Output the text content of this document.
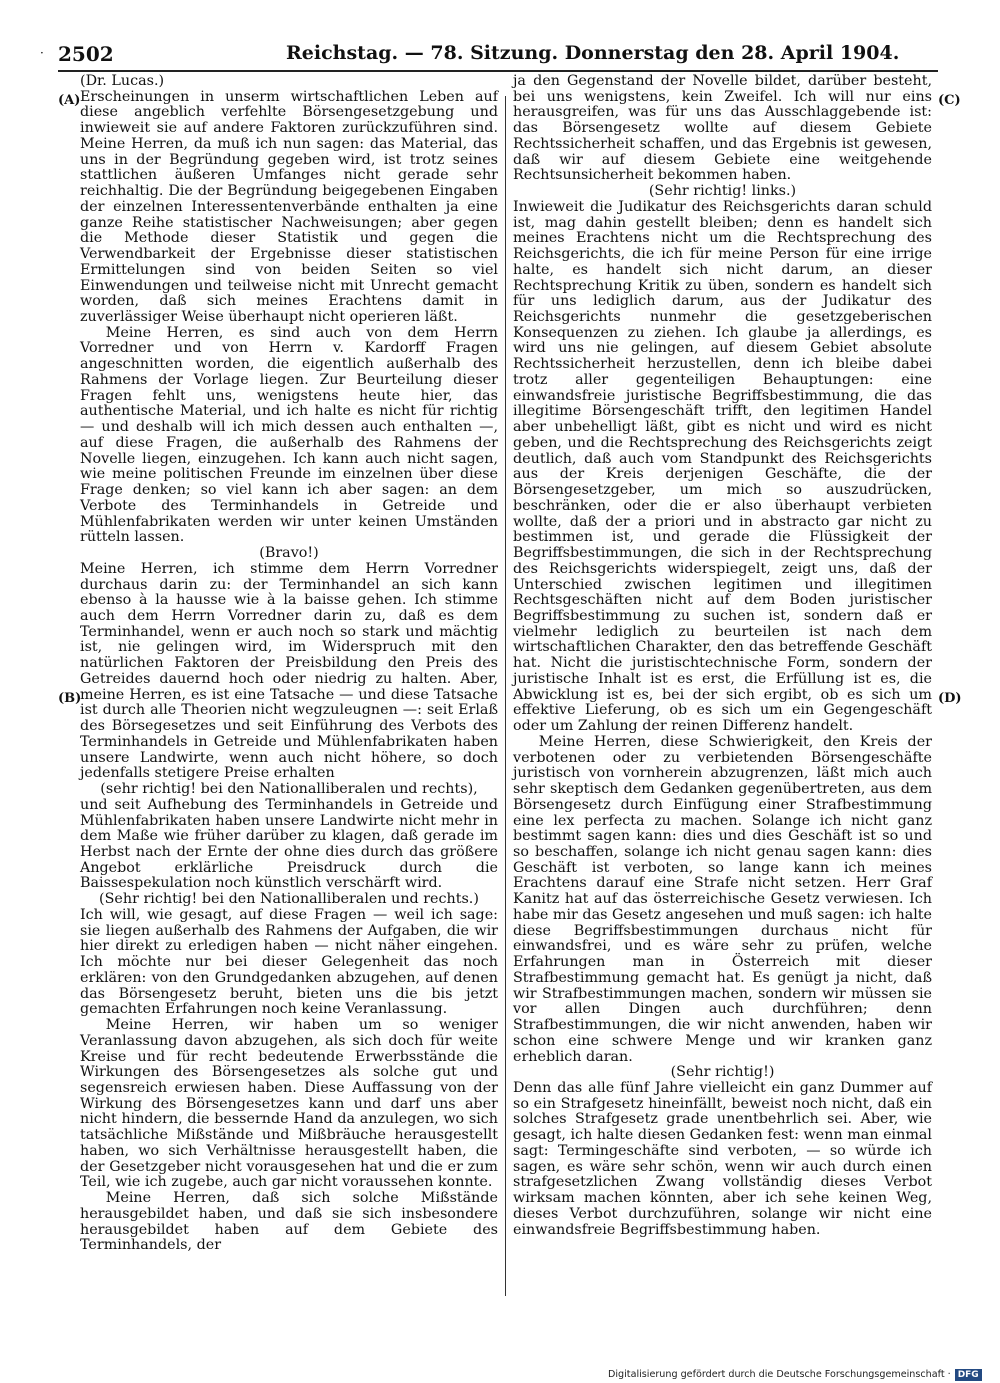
· 2502	Reichstag. — 78. Sitzung. Donnerstag den 28. April 1904.
(A)
(B)
(C)
(D)

(Dr. Lucas.)

Erscheinungen in unserm wirtschaftlichen Leben auf diese angeblich verfehlte Börsengesetzgebung und inwieweit sie auf andere Faktoren zurückzuführen sind. Meine Herren, da muß ich nun sagen: das Material, das uns in der Begründung gegeben wird, ist trotz seines stattlichen äußeren Umfanges nicht gerade sehr reichhaltig. Die der Begründung beigegebenen Eingaben der einzelnen Interessentenverbände enthalten ja eine ganze Reihe statistischer Nachweisungen; aber gegen die Methode dieser Statistik und gegen die Verwendbarkeit der Ergebnisse dieser statistischen Ermittelungen sind von beiden Seiten so viel Einwendungen und teilweise nicht mit Unrecht gemacht worden, daß sich meines Erachtens damit in zuverlässiger Weise überhaupt nicht operieren läßt.

Meine Herren, es sind auch von dem Herrn Vorredner und von Herrn v. Kardorff Fragen angeschnitten worden, die eigentlich außerhalb des Rahmens der Vorlage liegen. Zur Beurteilung dieser Fragen fehlt uns, wenigstens heute hier, das authentische Material, und ich halte es nicht für richtig — und deshalb will ich mich dessen auch enthalten —, auf diese Fragen, die außerhalb des Rahmens der Novelle liegen, einzugehen. Ich kann auch nicht sagen, wie meine politischen Freunde im einzelnen über diese Frage denken; so viel kann ich aber sagen: an dem Verbote des Terminhandels in Getreide und Mühlenfabrikaten werden wir unter keinen Umständen rütteln lassen.

(Bravo!)

Meine Herren, ich stimme dem Herrn Vorredner durchaus darin zu: der Terminhandel an sich kann ebenso à la hausse wie à la baisse gehen. Ich stimme auch dem Herrn Vorredner darin zu, daß es dem Terminhandel, wenn er auch noch so stark und mächtig ist, nie gelingen wird, im Widerspruch mit den natürlichen Faktoren der Preisbildung den Preis des Getreides dauernd hoch oder niedrig zu halten. Aber, meine Herren, es ist eine Tatsache — und diese Tatsache ist durch alle Theorien nicht wegzuleugnen —: seit Erlaß des Börsegesetzes und seit Einführung des Verbots des Terminhandels in Getreide und Mühlenfabrikaten haben unsere Landwirte, wenn auch nicht höhere, so doch jedenfalls stetigere Preise erhalten

(sehr richtig! bei den Nationalliberalen und rechts),

und seit Aufhebung des Terminhandels in Getreide und Mühlenfabrikaten haben unsere Landwirte nicht mehr in dem Maße wie früher darüber zu klagen, daß gerade im Herbst nach der Ernte der ohne dies durch das größere Angebot erklärliche Preisdruck durch die Baissespekulation noch künstlich verschärft wird.

(Sehr richtig! bei den Nationalliberalen und rechts.)

Ich will, wie gesagt, auf diese Fragen — weil ich sage: sie liegen außerhalb des Rahmens der Aufgaben, die wir hier direkt zu erledigen haben — nicht näher eingehen. Ich möchte nur bei dieser Gelegenheit das noch erklären: von den Grundgedanken abzugehen, auf denen das Börsengesetz beruht, bieten uns die bis jetzt gemachten Erfahrungen noch keine Veranlassung.

Meine Herren, wir haben um so weniger Veranlassung davon abzugehen, als sich doch für weite Kreise und für recht bedeutende Erwerbsstände die Wirkungen des Börsengesetzes als solche gut und segensreich erwiesen haben. Diese Auffassung von der Wirkung des Börsengesetzes kann und darf uns aber nicht hindern, die bessernde Hand da anzulegen, wo sich tatsächliche Mißstände und Mißbräuche herausgestellt haben, wo sich Verhältnisse herausgestellt haben, die der Gesetzgeber nicht vorausgesehen hat und die er zum Teil, wie ich zugebe, auch gar nicht voraussehen konnte.

Meine Herren, daß sich solche Mißstände herausgebildet haben, und daß sie sich insbesondere herausgebildet haben auf dem Gebiete des Terminhandels, der

ja den Gegenstand der Novelle bildet, darüber besteht, bei uns wenigstens, kein Zweifel. Ich will nur eins herausgreifen, was für uns das Ausschlaggebende ist: das Börsengesetz wollte auf diesem Gebiete Rechtssicherheit schaffen, und das Ergebnis ist gewesen, daß wir auf diesem Gebiete eine weitgehende Rechtsunsicherheit bekommen haben.

(Sehr richtig! links.)

Inwieweit die Judikatur des Reichsgerichts daran schuld ist, mag dahin gestellt bleiben; denn es handelt sich meines Erachtens nicht um die Rechtsprechung des Reichsgerichts, die ich für meine Person für eine irrige halte, es handelt sich nicht darum, an dieser Rechtsprechung Kritik zu üben, sondern es handelt sich für uns lediglich darum, aus der Judikatur des Reichsgerichts nunmehr die gesetzgeberischen Konsequenzen zu ziehen. Ich glaube ja allerdings, es wird uns nie gelingen, auf diesem Gebiet absolute Rechtssicherheit herzustellen, denn ich bleibe dabei trotz aller gegenteiligen Behauptungen: eine einwandsfreie juristische Begriffsbestimmung, die das illegitime Börsengeschäft trifft, den legitimen Handel aber unbehelligt läßt, gibt es nicht und wird es nicht geben, und die Rechtsprechung des Reichsgerichts zeigt deutlich, daß auch vom Standpunkt des Reichsgerichts aus der Kreis derjenigen Geschäfte, die der Börsengesetzgeber, um mich so auszudrücken, beschränken, oder die er also überhaupt verbieten wollte, daß der a priori und in abstracto gar nicht zu bestimmen ist, und gerade die Flüssigkeit der Begriffsbestimmungen, die sich in der Rechtsprechung des Reichsgerichts widerspiegelt, zeigt uns, daß der Unterschied zwischen legitimen und illegitimen Rechtsgeschäften nicht auf dem Boden juristischer Begriffsbestimmung zu suchen ist, sondern daß er vielmehr lediglich zu beurteilen ist nach dem wirtschaftlichen Charakter, den das betreffende Geschäft hat. Nicht die juristischtechnische Form, sondern der juristische Inhalt ist es erst, die Erfüllung ist es, die Abwicklung ist es, bei der sich ergibt, ob es sich um effektive Lieferung, ob es sich um ein Gegengeschäft oder um Zahlung der reinen Differenz handelt.

Meine Herren, diese Schwierigkeit, den Kreis der verbotenen oder zu verbietenden Börsengeschäfte juristisch von vornherein abzugrenzen, läßt mich auch sehr skeptisch dem Gedanken gegenübertreten, aus dem Börsengesetz durch Einfügung einer Strafbestimmung eine lex perfecta zu machen. Solange ich nicht ganz bestimmt sagen kann: dies und dies Geschäft ist so und so beschaffen, solange ich nicht genau sagen kann: dies Geschäft ist verboten, so lange kann ich meines Erachtens darauf eine Strafe nicht setzen. Herr Graf Kanitz hat auf das österreichische Gesetz verwiesen. Ich habe mir das Gesetz angesehen und muß sagen: ich halte diese Begriffsbestimmungen durchaus nicht für einwandsfrei, und es wäre sehr zu prüfen, welche Erfahrungen man in Österreich mit dieser Strafbestimmung gemacht hat. Es genügt ja nicht, daß wir Strafbestimmungen machen, sondern wir müssen sie vor allen Dingen auch durchführen; denn Strafbestimmungen, die wir nicht anwenden, haben wir schon eine schwere Menge und wir kranken ganz erheblich daran.

(Sehr richtig!)

Denn das alle fünf Jahre vielleicht ein ganz Dummer auf so ein Strafgesetz hineinfällt, beweist noch nicht, daß ein solches Strafgesetz grade unentbehrlich sei. Aber, wie gesagt, ich halte diesen Gedanken fest: wenn man einmal sagt: Termingeschäfte sind verboten, — so würde ich sagen, es wäre sehr schön, wenn wir auch durch einen strafgesetzlichen Zwang vollständig dieses Verbot wirksam machen könnten, aber ich sehe keinen Weg, dieses Verbot durchzuführen, solange wir nicht eine einwandsfreie Begriffsbestimmung haben.

Digitalisierung gefördert durch die Deutsche Forschungsgemeinschaft · DFG
